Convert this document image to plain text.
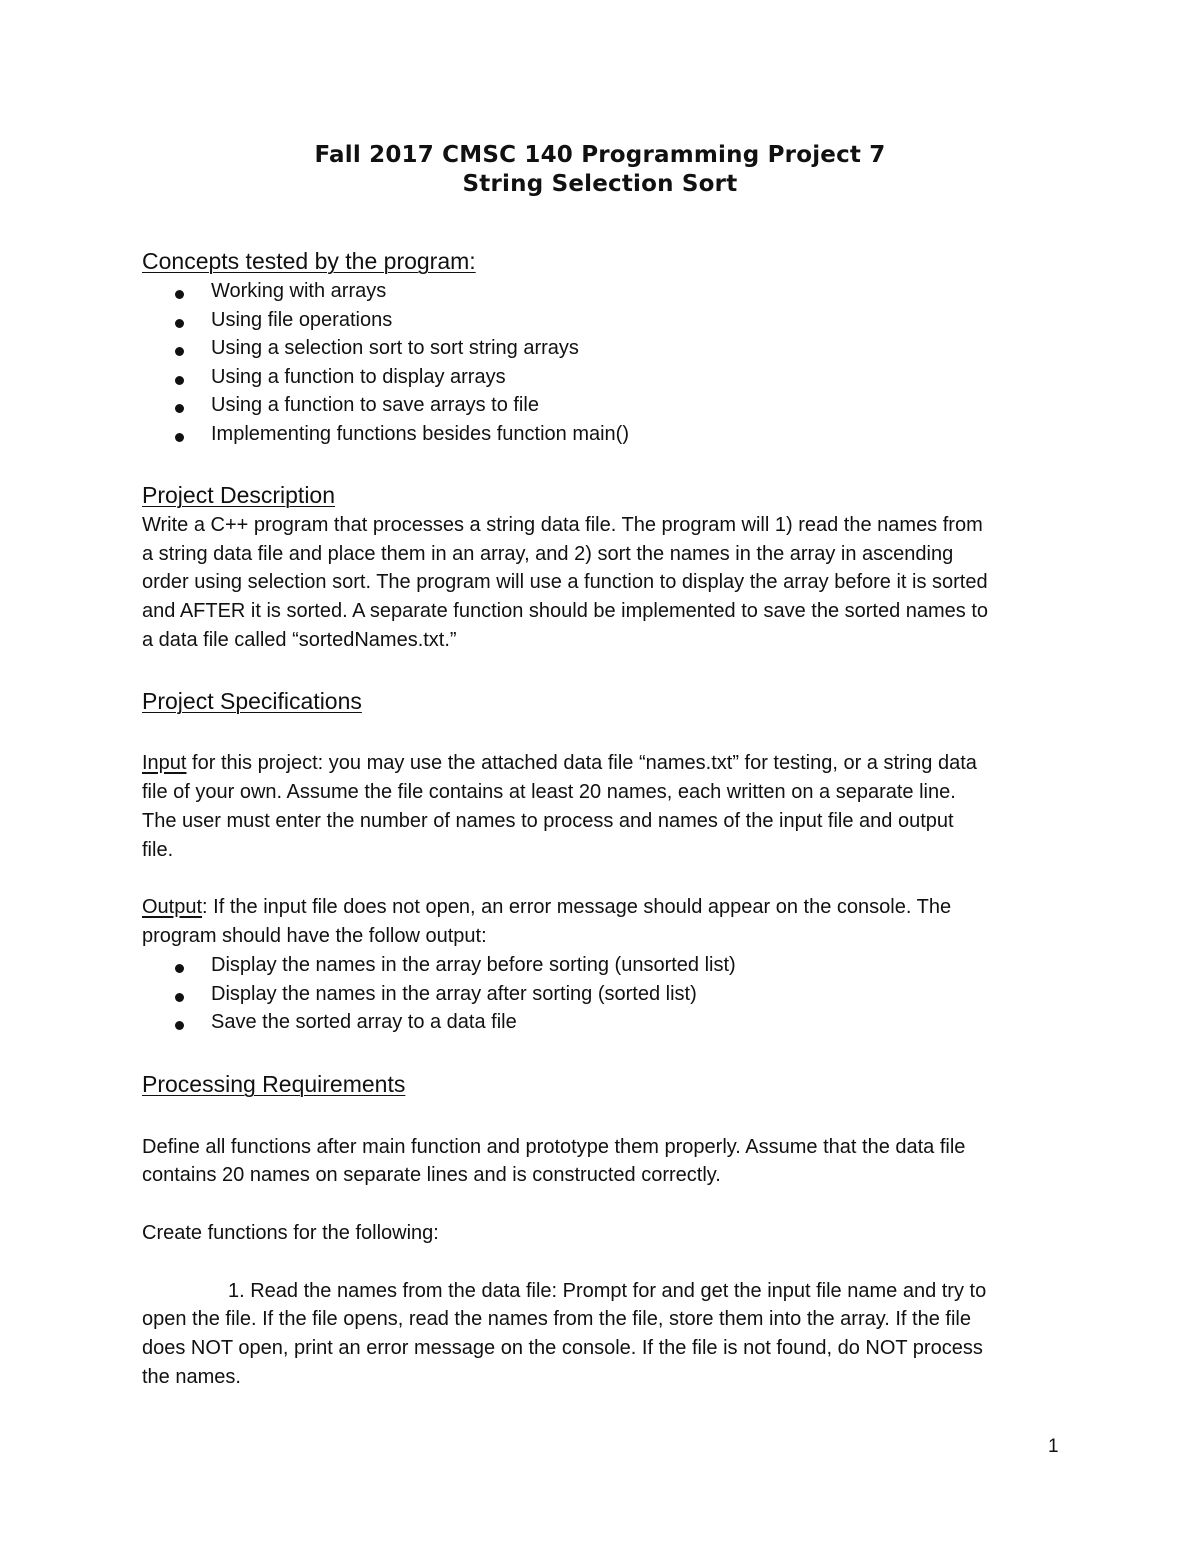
Fall 2017 CMSC 140 Programming Project 7
String Selection Sort
Concepts tested by the program:
Working with arrays
Using file operations
Using a selection sort to sort string arrays
Using a function to display arrays
Using a function to save arrays to file
Implementing functions besides function main()
Project Description

Write a C++ program that processes a string data file. The program will 1) read the names from

a string data file and place them in an array, and 2) sort the names in the array in ascending

order using selection sort. The program will use a function to display the array before it is sorted

and AFTER it is sorted. A separate function should be implemented to save the sorted names to

a data file called “sortedNames.txt.”

Project Specifications

Input for this project: you may use the attached data file “names.txt” for testing, or a string data

file of your own. Assume the file contains at least 20 names, each written on a separate line.

The user must enter the number of names to process and names of the input file and output

file.

Output: If the input file does not open, an error message should appear on the console. The

program should have the follow output:

Display the names in the array before sorting (unsorted list)
Display the names in the array after sorting (sorted list)
Save the sorted array to a data file
Processing Requirements

Define all functions after main function and prototype them properly. Assume that the data file

contains 20 names on separate lines and is constructed correctly.

Create functions for the following:

1. Read the names from the data file: Prompt for and get the input file name and try to

open the file. If the file opens, read the names from the file, store them into the array. If the file

does NOT open, print an error message on the console. If the file is not found, do NOT process

the names.

1
